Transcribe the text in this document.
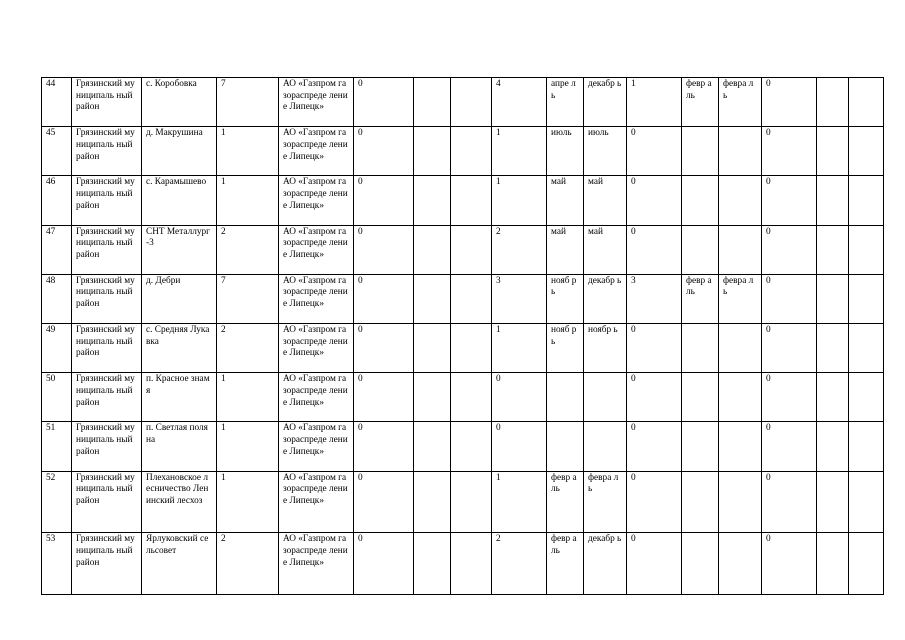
44	Грязинский муниципаль ный район	с. Коробовка	7	АО «Газпром газораспреде ление Липецк»	0			4	апре ль	декабр ь	1	февр аль	февра ль	0		
45	Грязинский муниципаль ный район	д. Макрушина	1	АО «Газпром газораспреде ление Липецк»	0			1	июль	июль	0			0		
46	Грязинский муниципаль ный район	с. Карамышево	1	АО «Газпром газораспреде ление Липецк»	0			1	май	май	0			0		
47	Грязинский муниципаль ный район	СНТ Металлург-3	2	АО «Газпром газораспреде ление Липецк»	0			2	май	май	0			0		
48	Грязинский муниципаль ный район	д. Дебри	7	АО «Газпром газораспреде ление Липецк»	0			3	нояб рь	декабр ь	3	февр аль	февра ль	0		
49	Грязинский муниципаль ный район	с. Средняя Лукавка	2	АО «Газпром газораспреде ление Липецк»	0			1	нояб рь	ноябр ь	0			0		
50	Грязинский муниципаль ный район	п. Красное знамя	1	АО «Газпром газораспреде ление Липецк»	0			0			0			0		
51	Грязинский муниципаль ный район	п. Светлая поляна	1	АО «Газпром газораспреде ление Липецк»	0			0			0			0		
52	Грязинский муниципаль ный район	Плехановское лесничество Ленинский лесхоз	1	АО «Газпром газораспреде ление Липецк»	0			1	февр аль	февра ль	0			0		
53	Грязинский муниципаль ный район	Ярлуковский сельсовет	2	АО «Газпром газораспреде ление Липецк»	0			2	февр аль	декабр ь	0			0		
